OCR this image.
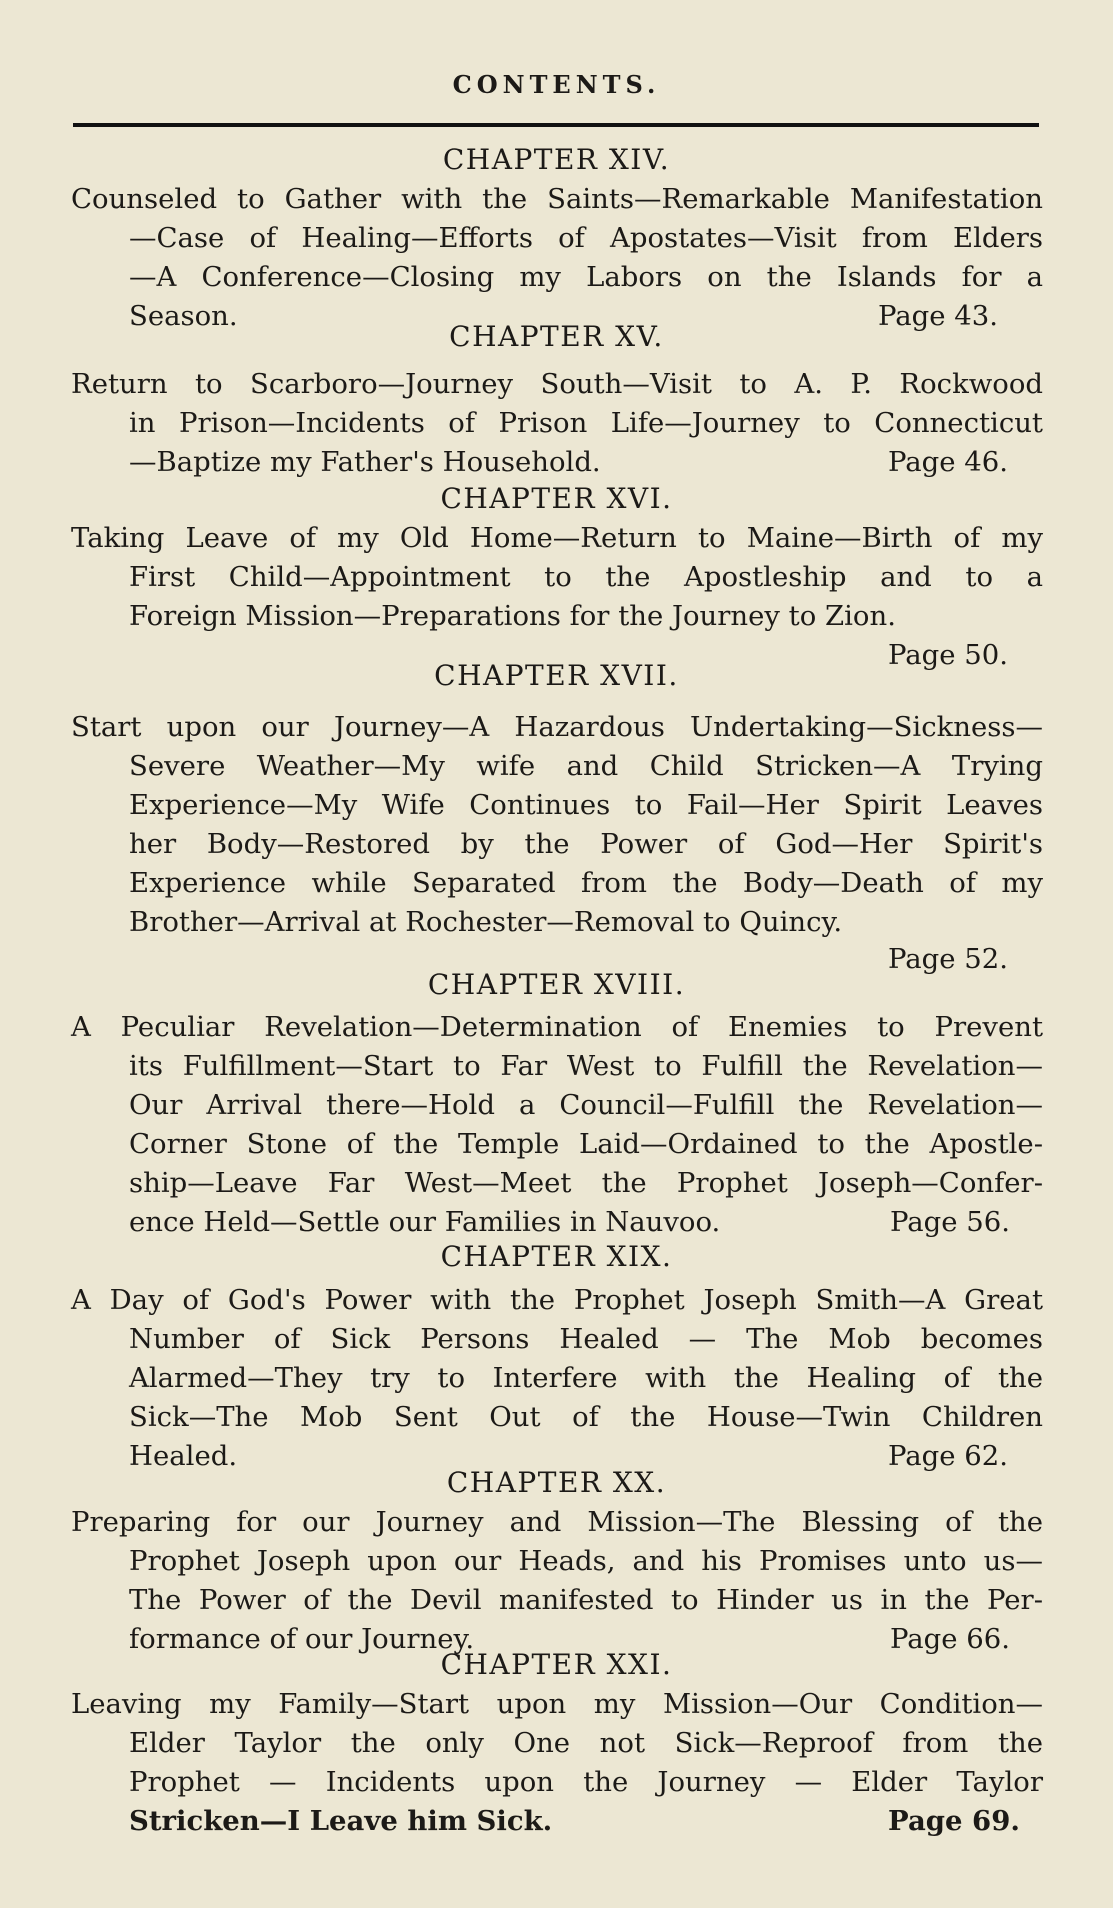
CONTENTS.
CHAPTER XIV.
Counseled to Gather with the Saints—Remarkable Manifestation
—Case of Healing—Efforts of Apostates—Visit from Elders
—A Conference—Closing my Labors on the Islands for a
Season.	Page 43.
CHAPTER XV.
Return to Scarboro—Journey South—Visit to A. P. Rockwood
in Prison—Incidents of Prison Life—Journey to Connecticut
—Baptize my Father's Household.	Page 46.
CHAPTER XVI.
Taking Leave of my Old Home—Return to Maine—Birth of my
First Child—Appointment to the Apostleship and to a
Foreign Mission—Preparations for the Journey to Zion.
Page 50.
CHAPTER XVII.
Start upon our Journey—A Hazardous Undertaking—Sickness—
Severe Weather—My wife and Child Stricken—A Trying
Experience—My Wife Continues to Fail—Her Spirit Leaves
her Body—Restored by the Power of God—Her Spirit's
Experience while Separated from the Body—Death of my
Brother—Arrival at Rochester—Removal to Quincy.
Page 52.
CHAPTER XVIII.
A Peculiar Revelation—Determination of Enemies to Prevent
its Fulfillment—Start to Far West to Fulfill the Revelation—
Our Arrival there—Hold a Council—Fulfill the Revelation—
Corner Stone of the Temple Laid—Ordained to the Apostle-
ship—Leave Far West—Meet the Prophet Joseph—Confer-
ence Held—Settle our Families in Nauvoo.	Page 56.
CHAPTER XIX.
A Day of God's Power with the Prophet Joseph Smith—A Great
Number of Sick Persons Healed — The Mob becomes
Alarmed—They try to Interfere with the Healing of the
Sick—The Mob Sent Out of the House—Twin Children
Healed.	Page 62.
CHAPTER XX.
Preparing for our Journey and Mission—The Blessing of the
Prophet Joseph upon our Heads, and his Promises unto us—
The Power of the Devil manifested to Hinder us in the Per-
formance of our Journey.	Page 66.
CHAPTER XXI.
Leaving my Family—Start upon my Mission—Our Condition—
Elder Taylor the only One not Sick—Reproof from the
Prophet — Incidents upon the Journey — Elder Taylor
Stricken—I Leave him Sick.	Page 69.
